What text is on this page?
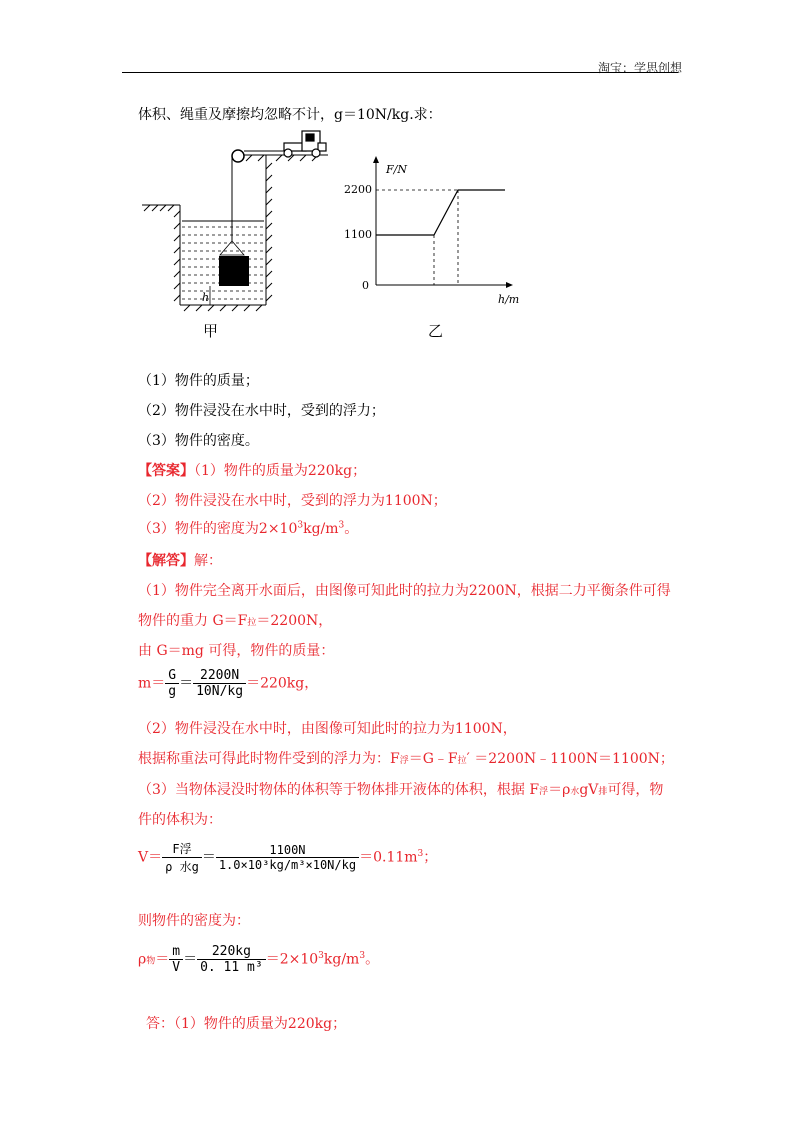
淘宝：学思创想
体积、绳重及摩擦均忽略不计，g＝10N/kg.求：
h
甲
F/N
2200
1100
0
h/m
乙
（1）物件的质量；
（2）物件浸没在水中时，受到的浮力；
（3）物件的密度。
【答案】（1）物件的质量为220kg；
（2）物件浸没在水中时，受到的浮力为1100N；
（3）物件的密度为$2\times 10^3kg/m^3$。
【解答】解：
（1）物件完全离开水面后，由图像可知此时的拉力为2200N，根据二力平衡条件可得
物件的重力 G＝F拉＝2200N，
由 G＝mg 可得，物件的质量：
$m= \frac{G}{g} = \frac{2200N}{10N/kg} =220kg$，
（2）物件浸没在水中时，由图像可知此时的拉力为1100N，
根据称重法可得此时物件受到的浮力为：F浮＝G﹣F拉′ ＝2200N﹣1100N＝1100N；
（3）当物体浸没时物体的体积等于物体排开液体的体积，根据 F浮＝ρ水gV排可得，物
件的体积为：
$V= \frac{\text{F浮}}{\text{ρ 水g}} = \frac{1100N}{\text{1.0×10³kg/m³×10N/kg}} =0.11m^3$；
则物件的密度为：
ρ物＝ $\frac{m}{V} = \frac{220kg}{\text{0. 11 m³}} =2\times 10^3kg/m^3$。
答：（1）物件的质量为220kg；
